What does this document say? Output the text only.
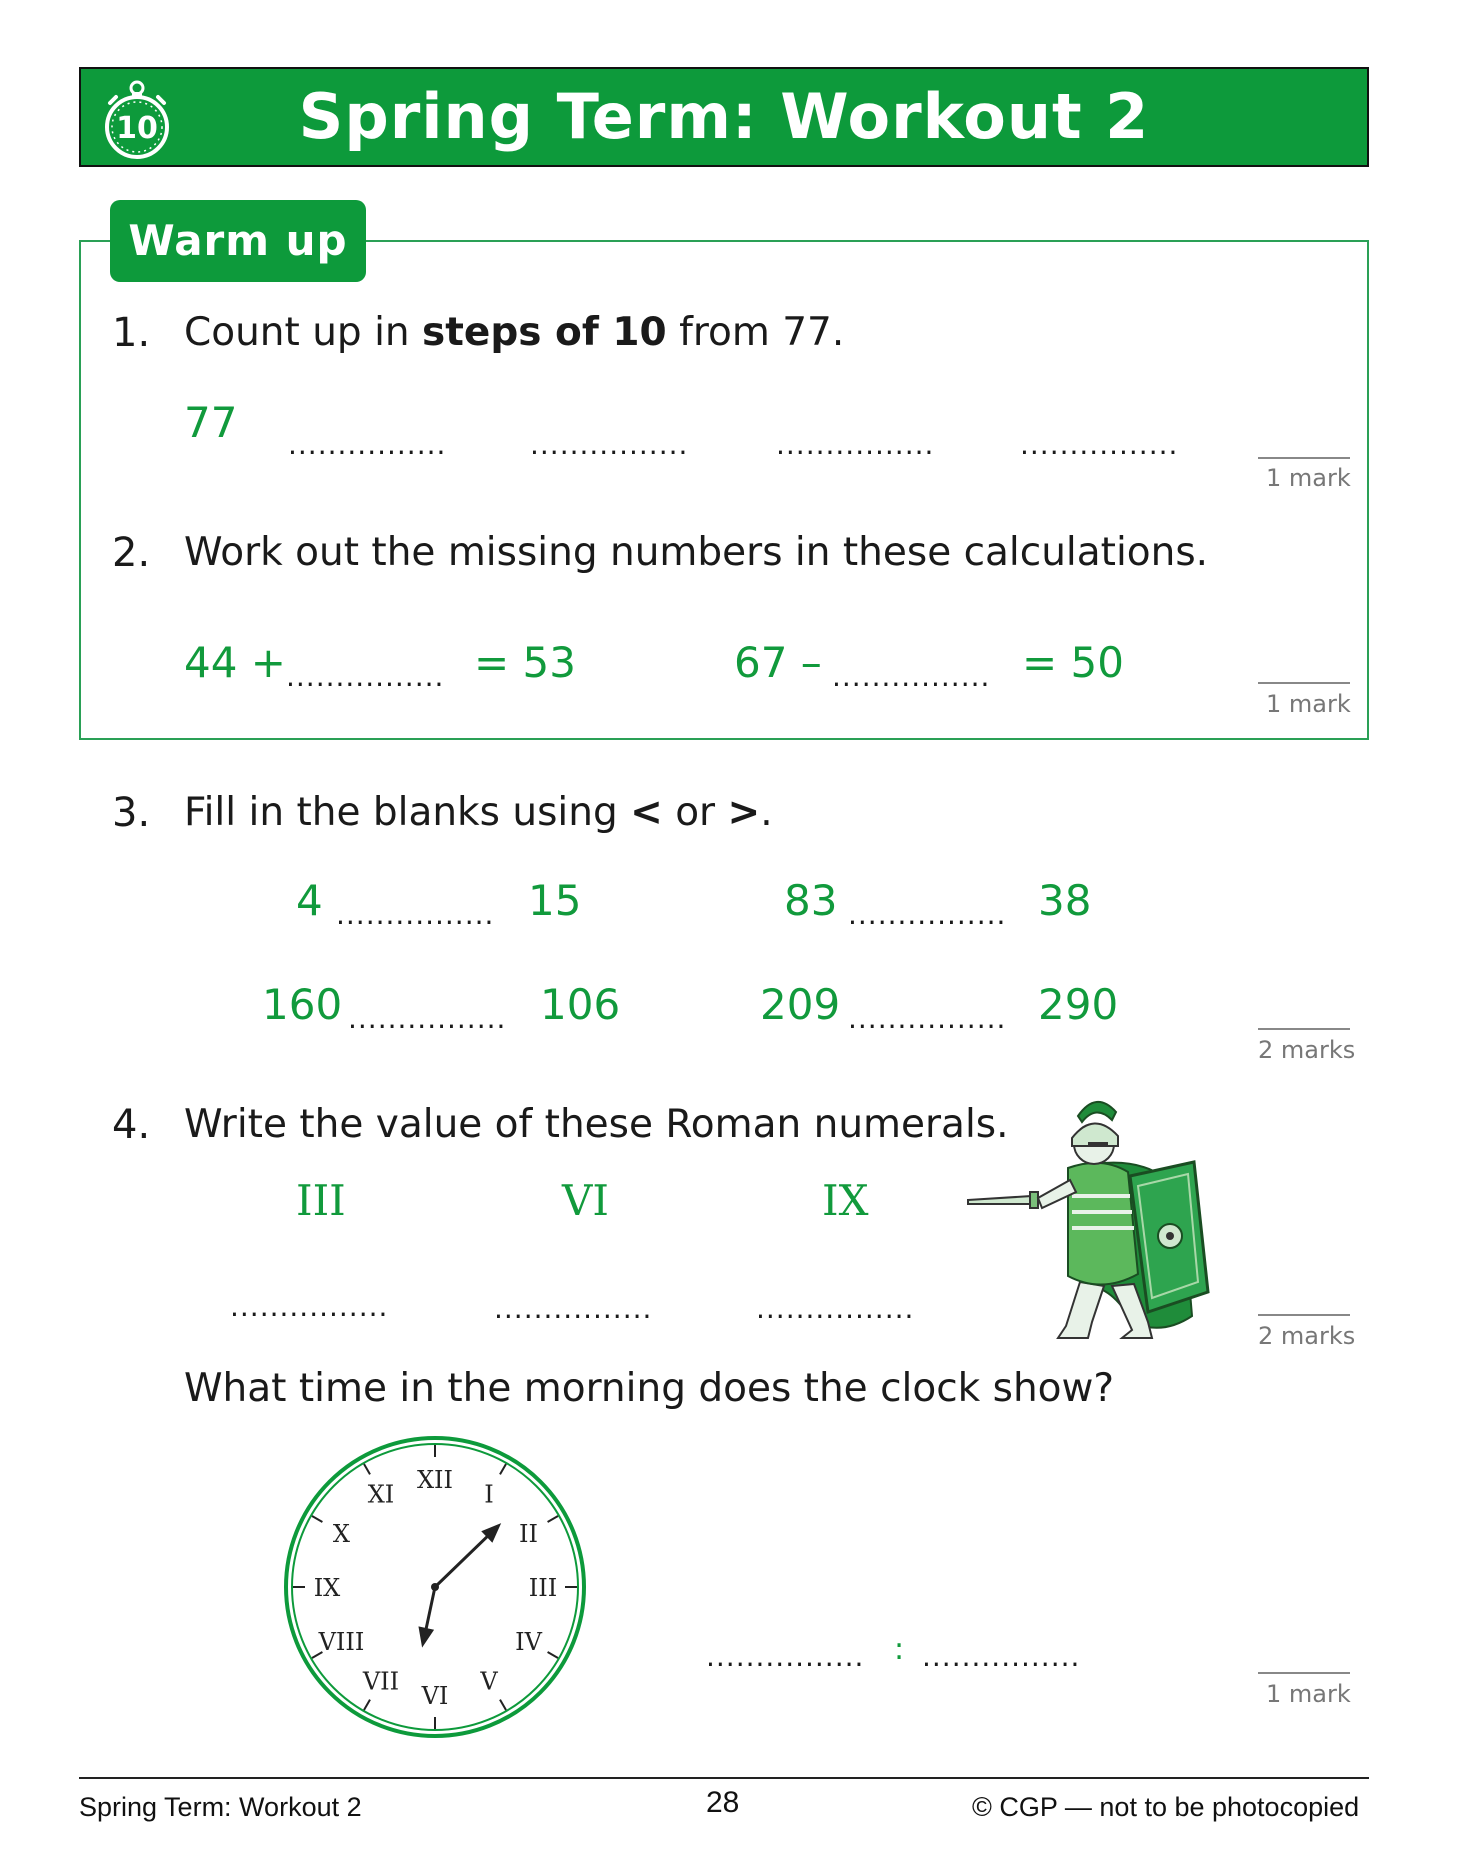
10	Spring Term: Workout 2
Warm up
1. Count up in steps of 10 from 77.
77 ................	................	................	................
1 mark
2. Work out the missing numbers in these calculations.
44 + ................ = 53	67 – ................ = 50
1 mark
3. Fill in the blanks using < or >.
4 ................ 15	83 ................ 38
160 ................ 106	209 ................ 290
2 marks
4. Write the value of these Roman numerals.
III	VI	IX
................	................	................
2 marks
What time in the morning does the clock show?
XII
I
II
III
IV
V
VI
VII
VIII
IX
X
XI
................ : ................
1 mark
Spring Term: Workout 2	28	© CGP — not to be photocopied
